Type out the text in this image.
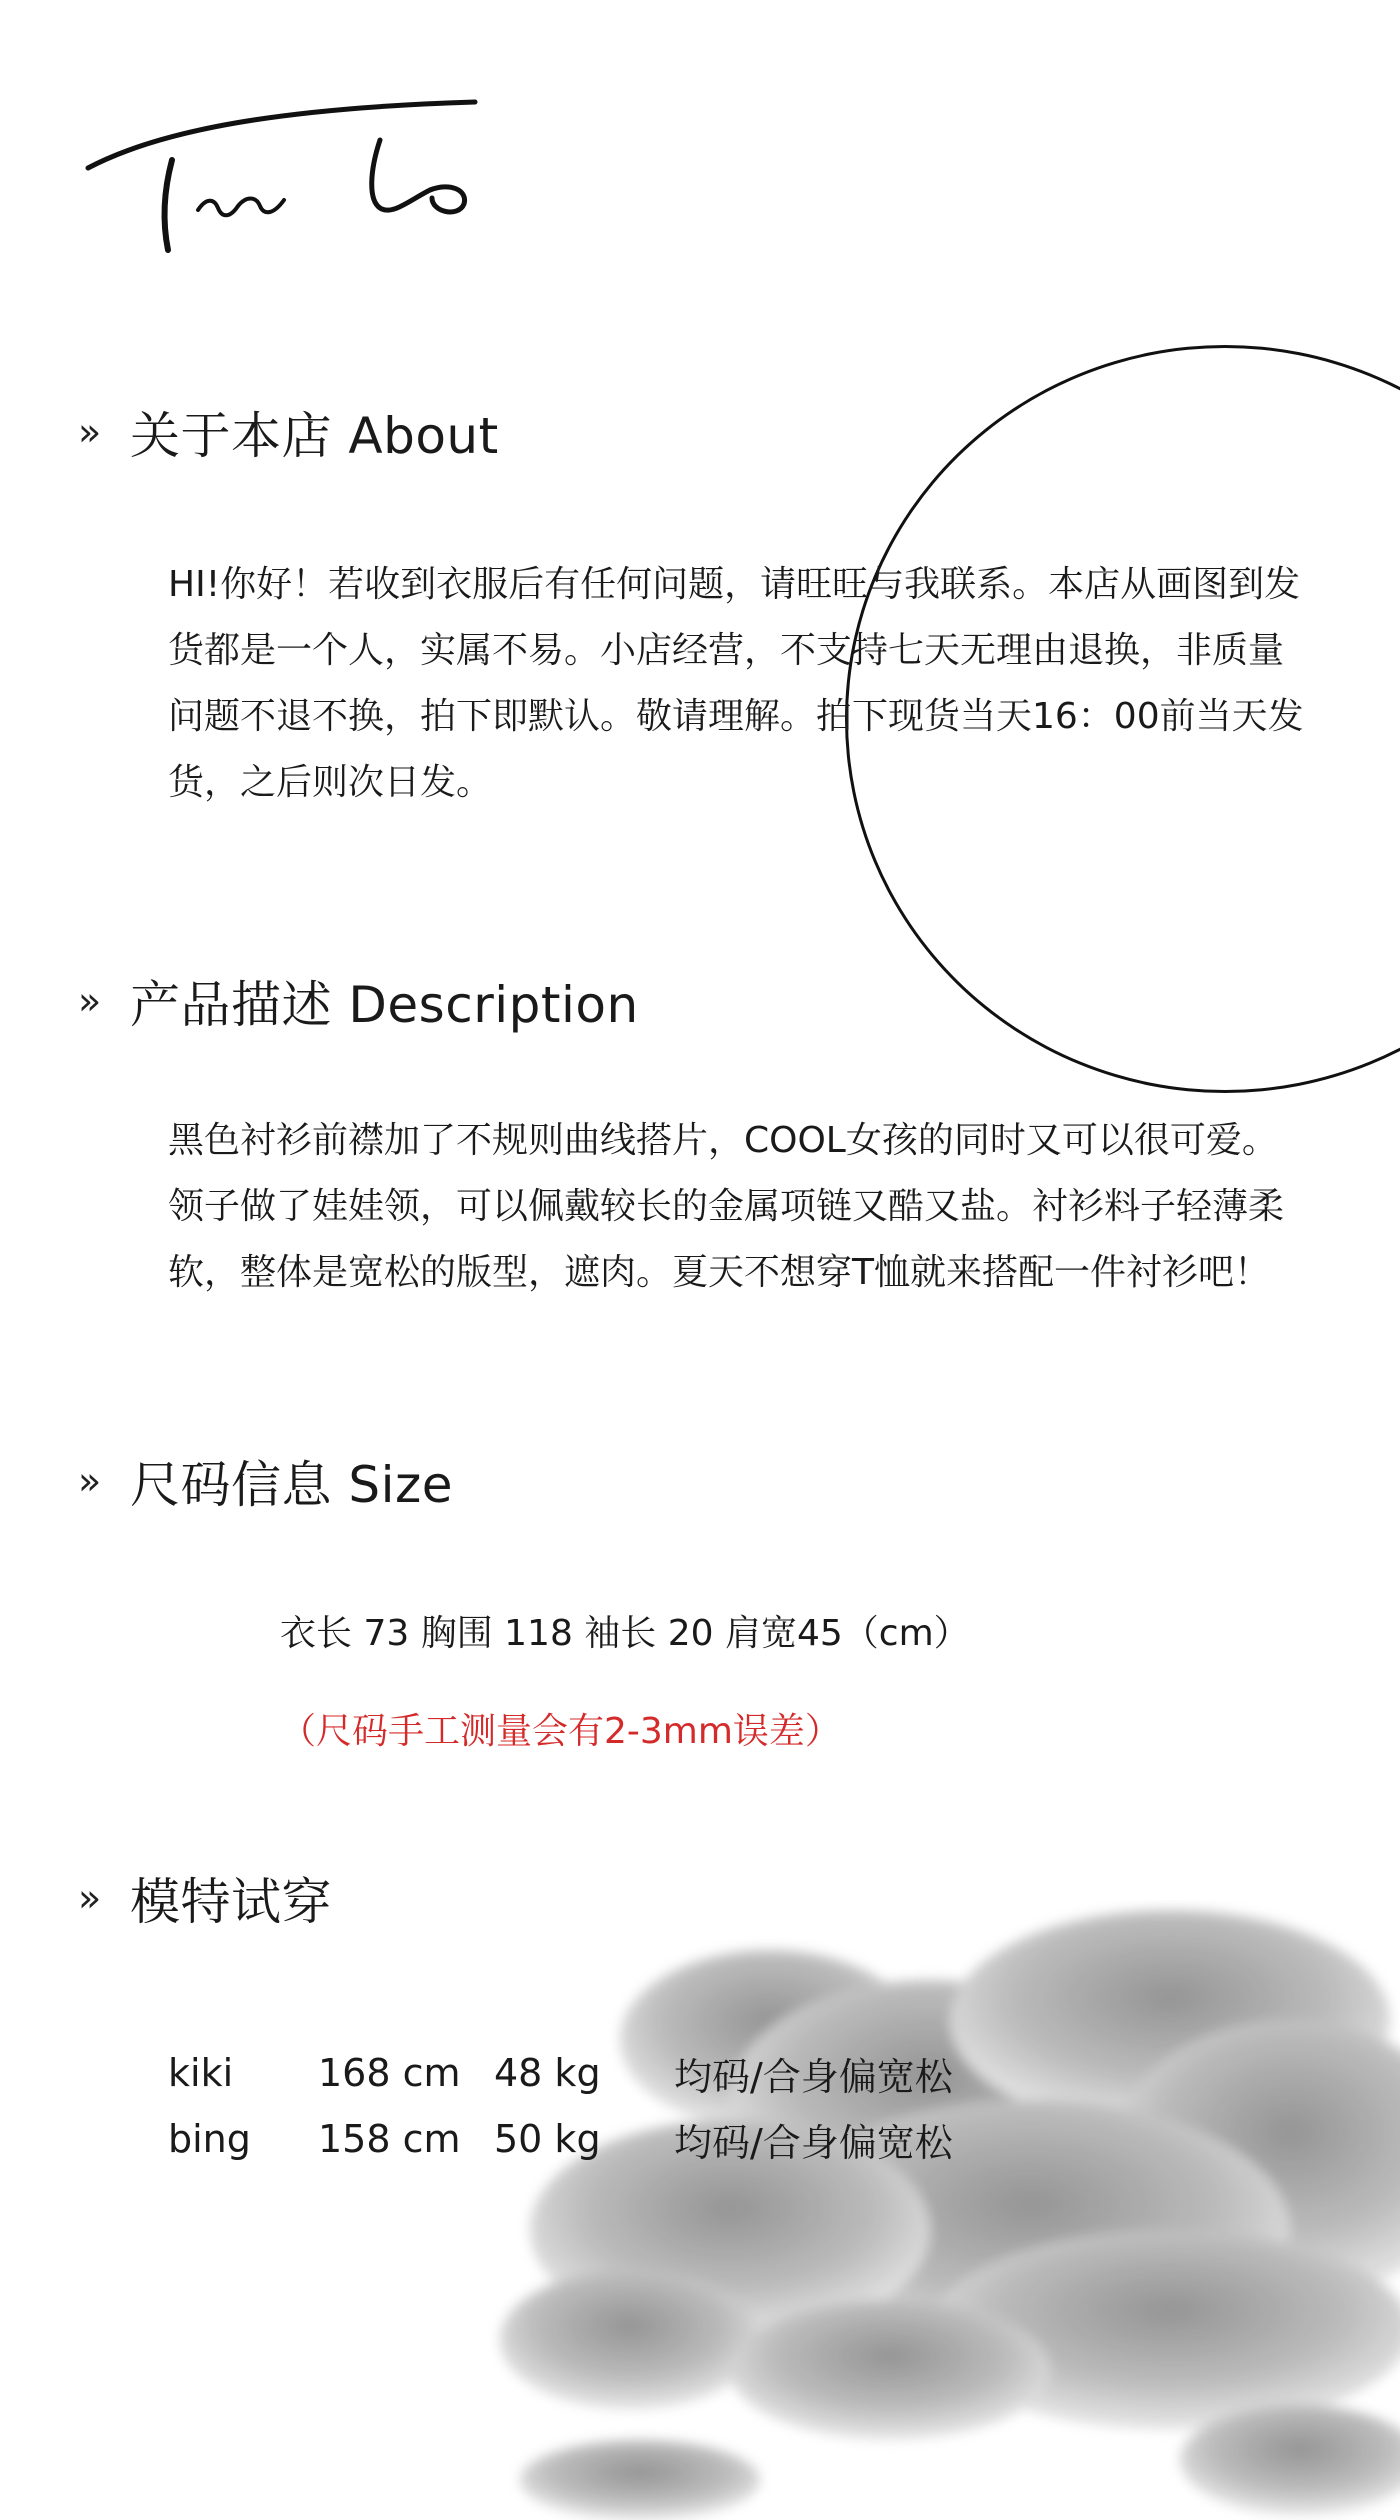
» 关于本店 About

HI!你好！若收到衣服后有任何问题，请旺旺与我联系。本店从画图到发货都是一个人，实属不易。小店经营，不支持七天无理由退换，非质量问题不退不换，拍下即默认。敬请理解。拍下现货当天16：00前当天发货，之后则次日发。

» 产品描述 Description

黑色衬衫前襟加了不规则曲线搭片，COOL女孩的同时又可以很可爱。领子做了娃娃领，可以佩戴较长的金属项链又酷又盐。衬衫料子轻薄柔软，整体是宽松的版型，遮肉。夏天不想穿T恤就来搭配一件衬衫吧！

» 尺码信息 Size
衣长 73 胸围 118 袖长 20 肩宽45（cm）
（尺码手工测量会有2-3mm误差）
» 模特试穿
kiki	168 cm	48 kg	均码/合身偏宽松
bing	158 cm	50 kg	均码/合身偏宽松
